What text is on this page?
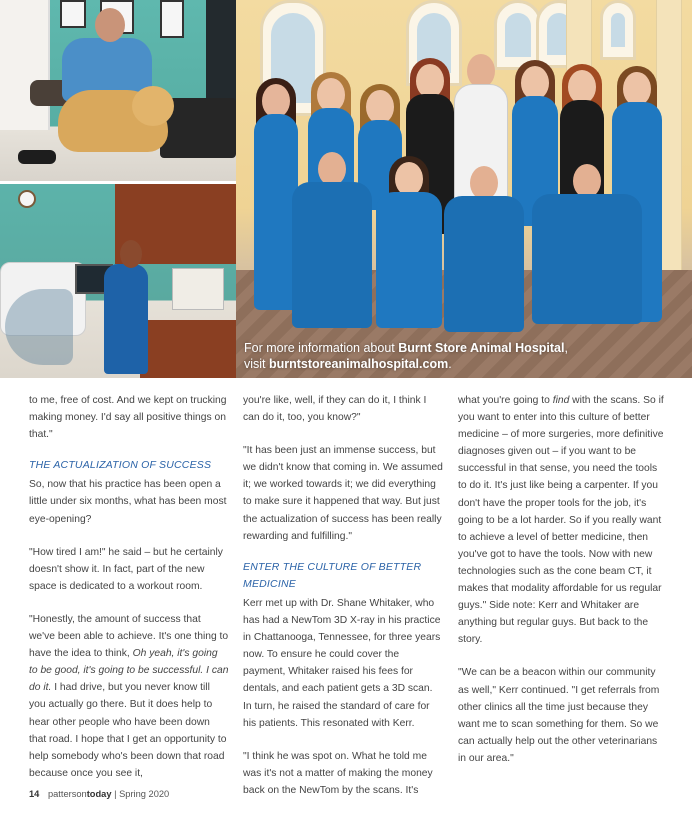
For more information about Burnt Store Animal Hospital,
visit burntstoreanimalhospital.com.

to me, free of cost. And we kept on trucking making money. I'd say all positive things on that."

THE ACTUALIZATION OF SUCCESS

So, now that his practice has been open a little under six months, what has been most eye-opening?

"How tired I am!" he said – but he certainly doesn't show it. In fact, part of the new space is dedicated to a workout room.

"Honestly, the amount of success that we've been able to achieve. It's one thing to have the idea to think, Oh yeah, it's going to be good, it's going to be successful. I can do it. I had drive, but you never know till you actually go there. But it does help to hear other people who have been down that road. I hope that I get an opportunity to help somebody who's been down that road because once you see it,

you're like, well, if they can do it, I think I can do it, too, you know?"

"It has been just an immense success, but we didn't know that coming in. We assumed it; we worked towards it; we did everything to make sure it happened that way. But just the actualization of success has been really rewarding and fulfilling."

ENTER THE CULTURE OF BETTER MEDICINE

Kerr met up with Dr. Shane Whitaker, who has had a NewTom 3D X-ray in his practice in Chattanooga, Tennessee, for three years now. To ensure he could cover the payment, Whitaker raised his fees for dentals, and each patient gets a 3D scan. In turn, he raised the standard of care for his patients. This resonated with Kerr.

"I think he was spot on. What he told me was it's not a matter of making the money back on the NewTom by the scans. It's

what you're going to find with the scans. So if you want to enter into this culture of better medicine – of more surgeries, more definitive diagnoses given out – if you want to be successful in that sense, you need the tools to do it. It's just like being a carpenter. If you don't have the proper tools for the job, it's going to be a lot harder. So if you really want to achieve a level of better medicine, then you've got to have the tools. Now with new technologies such as the cone beam CT, it makes that modality affordable for us regular guys." Side note: Kerr and Whitaker are anything but regular guys. But back to the story.

"We can be a beacon within our community as well," Kerr continued. "I get referrals from other clinics all the time just because they want me to scan something for them. So we can actually help out the other veterinarians in our area."

14 pattersontoday | Spring 2020
